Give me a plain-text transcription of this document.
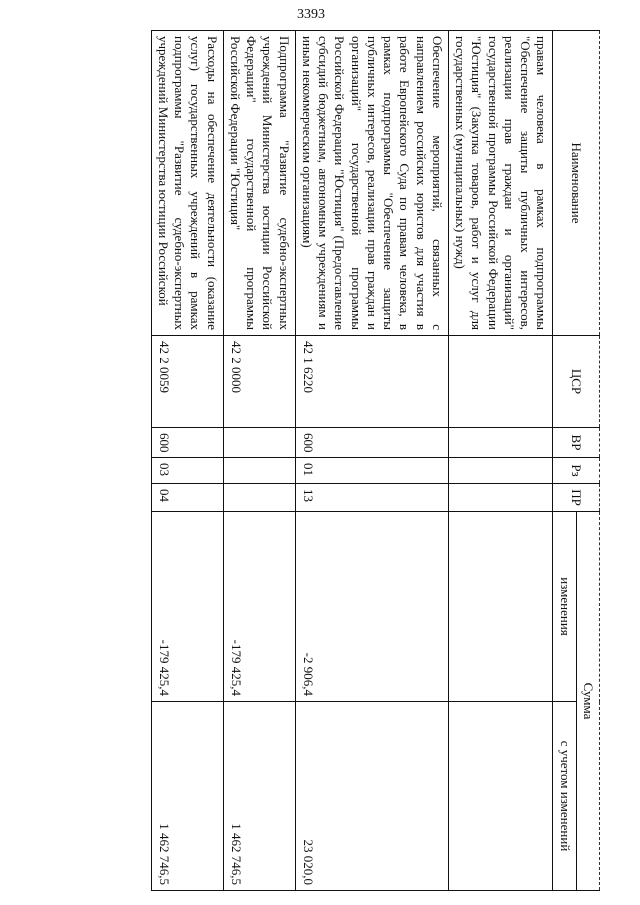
3393
Наименование	ЦСР	ВР	Рз	ПР	Сумма	
					изменения	с учетом изменений
правам человека в рамках подпрограммы "Обеспечение защиты публичных интересов, реализации прав граждан и организаций" государственной программы Российской Федерации "Юстиция" (Закупка товаров, работ и услуг для государственных (муниципальных) нужд)						
Обеспечение мероприятий, связанных с направлением российских юристов для участия в работе Европейского Суда по правам человека, в рамках подпрограммы "Обеспечение защиты публичных интересов, реализации прав граждан и организаций" государственной программы Российской Федерации "Юстиция" (Предоставление субсидий бюджетным, автономным учреждениям и иным некоммерческим организациям)	42 1 6220	600	01	13	-2 906,4	23 020,0
Подпрограмма "Развитие судебно-экспертных учреждений Министерства юстиции Российской Федерации" государственной программы Российской Федерации "Юстиция"	42 2 0000				-179 425,4	1 462 746,5
Расходы на обеспечение деятельности (оказание услуг) государственных учреждений в рамках подпрограммы "Развитие судебно-экспертных учреждений Министерства юстиции Российской	42 2 0059	600	03	04	-179 425,4	1 462 746,5
